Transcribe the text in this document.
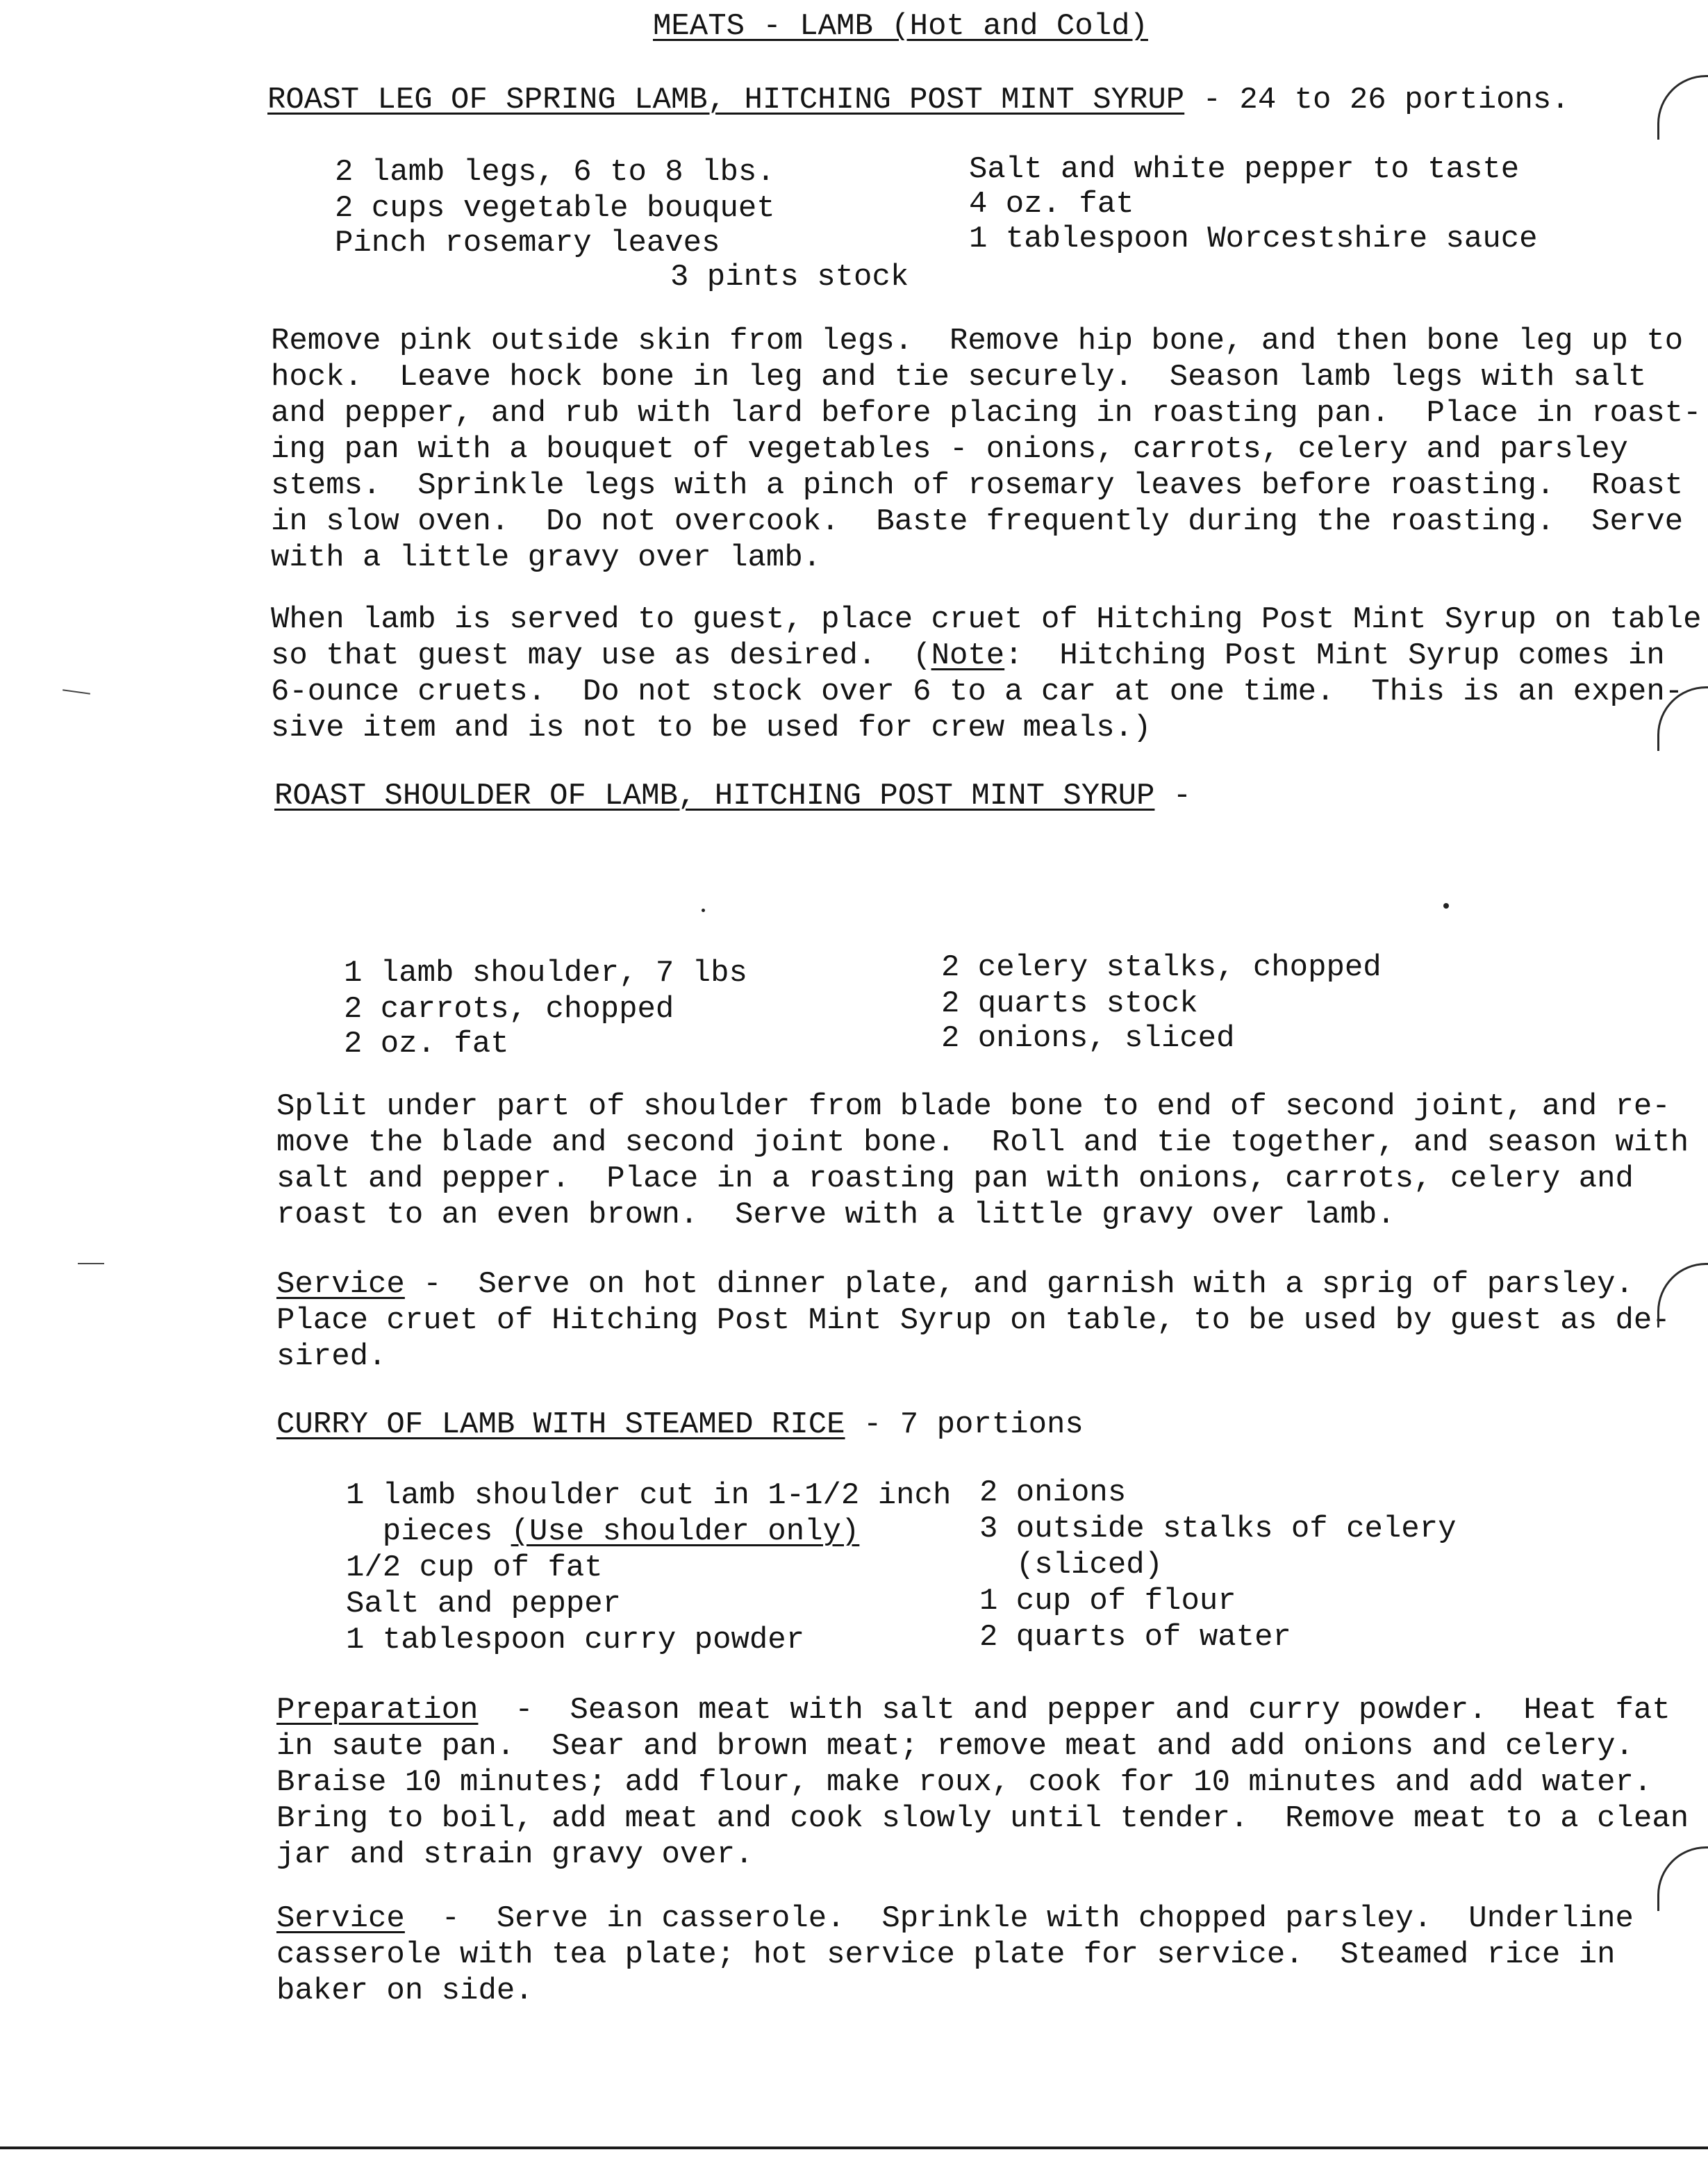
MEATS - LAMB (Hot and Cold)
ROAST LEG OF SPRING LAMB, HITCHING POST MINT SYRUP - 24 to 26 portions.
2 lamb legs, 6 to 8 lbs.
2 cups vegetable bouquet
Pinch rosemary leaves
3 pints stock
Salt and white pepper to taste
4 oz. fat
1 tablespoon Worcestshire sauce
Remove pink outside skin from legs.  Remove hip bone, and then bone leg up to
hock.  Leave hock bone in leg and tie securely.  Season lamb legs with salt
and pepper, and rub with lard before placing in roasting pan.  Place in roast-
ing pan with a bouquet of vegetables - onions, carrots, celery and parsley
stems.  Sprinkle legs with a pinch of rosemary leaves before roasting.  Roast
in slow oven.  Do not overcook.  Baste frequently during the roasting.  Serve
with a little gravy over lamb.
When lamb is served to guest, place cruet of Hitching Post Mint Syrup on table
so that guest may use as desired.  (Note:  Hitching Post Mint Syrup comes in
6-ounce cruets.  Do not stock over 6 to a car at one time.  This is an expen-
sive item and is not to be used for crew meals.)
ROAST SHOULDER OF LAMB, HITCHING POST MINT SYRUP -
1 lamb shoulder, 7 lbs
2 carrots, chopped
2 oz. fat
2 celery stalks, chopped
2 quarts stock
2 onions, sliced
Split under part of shoulder from blade bone to end of second joint, and re-
move the blade and second joint bone.  Roll and tie together, and season with
salt and pepper.  Place in a roasting pan with onions, carrots, celery and
roast to an even brown.  Serve with a little gravy over lamb.
Service -  Serve on hot dinner plate, and garnish with a sprig of parsley.
Place cruet of Hitching Post Mint Syrup on table, to be used by guest as de-
sired.
CURRY OF LAMB WITH STEAMED RICE - 7 portions
1 lamb shoulder cut in 1-1/2 inch
pieces (Use shoulder only)
1/2 cup of fat
Salt and pepper
1 tablespoon curry powder
2 onions
3 outside stalks of celery
(sliced)
1 cup of flour
2 quarts of water
Preparation  -  Season meat with salt and pepper and curry powder.  Heat fat
in saute pan.  Sear and brown meat; remove meat and add onions and celery.
Braise 10 minutes; add flour, make roux, cook for 10 minutes and add water.
Bring to boil, add meat and cook slowly until tender.  Remove meat to a clean
jar and strain gravy over.
Service  -  Serve in casserole.  Sprinkle with chopped parsley.  Underline
casserole with tea plate; hot service plate for service.  Steamed rice in
baker on side.
